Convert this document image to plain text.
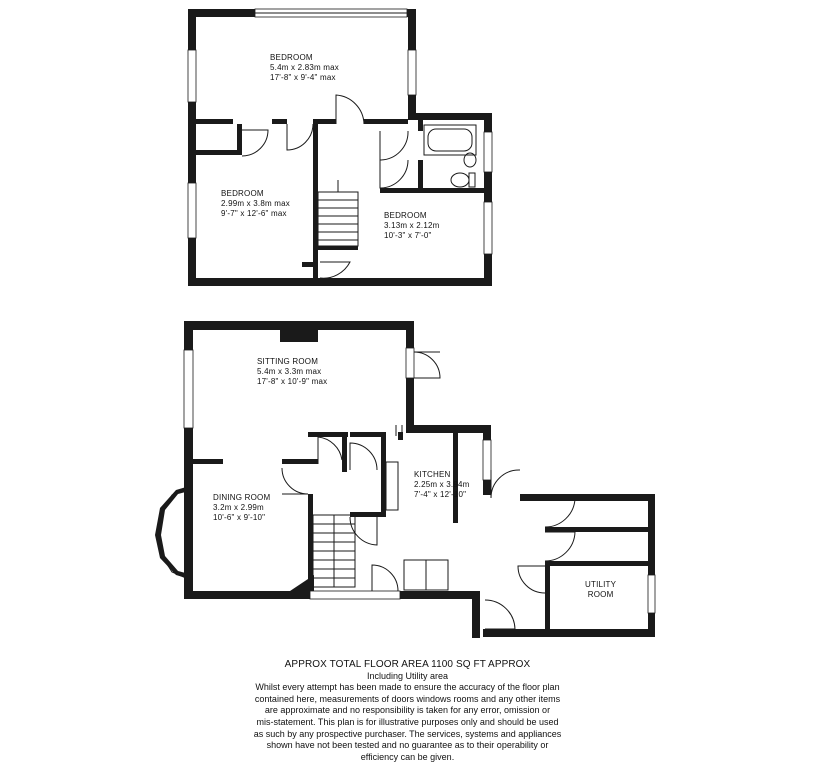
BEDROOM
5.4m x 2.83m max
17'-8" x 9'-4" max
BEDROOM
2.99m x 3.8m max
9'-7" x 12'-6" max	BEDROOM
3.13m x 2.12m
10'-3" x 7'-0"
SITTING ROOM
5.4m x 3.3m max
17'-8" x 10'-9" max
KITCHEN
2.25m x 3.94m
7'-4" x 12'-10"
DINING ROOM
3.2m x 2.99m
10'-6" x 9'-10"
UTILITY
ROOM
APPROX TOTAL FLOOR AREA 1100 SQ FT APPROX
Including Utility area
Whilst every attempt has been made to ensure the accuracy of the floor plan
contained here, measurements of doors windows rooms and any other items
are approximate and no responsibility is taken for any error, omission or
mis-statement. This plan is for illustrative purposes only and should be used
as such by any prospective purchaser. The services, systems and appliances
shown have not been tested and no guarantee as to their operability or
efficiency can be given.
